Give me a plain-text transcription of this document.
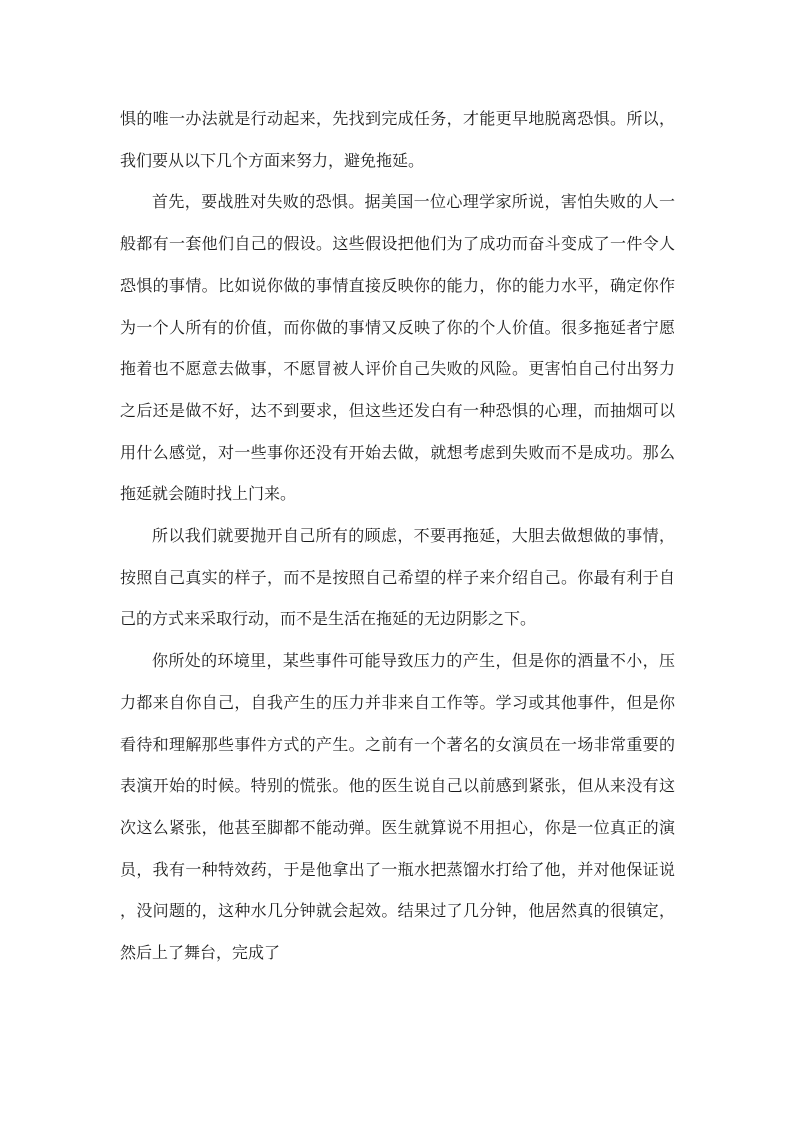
惧的唯一办法就是行动起来，先找到完成任务，才能更早地脱离恐惧。所以，我们要从以下几个方面来努力，避免拖延。

首先，要战胜对失败的恐惧。据美国一位心理学家所说，害怕失败的人一般都有一套他们自己的假设。这些假设把他们为了成功而奋斗变成了一件令人恐惧的事情。比如说你做的事情直接反映你的能力，你的能力水平，确定你作为一个人所有的价值，而你做的事情又反映了你的个人价值。很多拖延者宁愿拖着也不愿意去做事，不愿冒被人评价自己失败的风险。更害怕自己付出努力之后还是做不好，达不到要求，但这些还发白有一种恐惧的心理，而抽烟可以用什么感觉，对一些事你还没有开始去做，就想考虑到失败而不是成功。那么拖延就会随时找上门来。

所以我们就要抛开自己所有的顾虑，不要再拖延，大胆去做想做的事情，按照自己真实的样子，而不是按照自己希望的样子来介绍自己。你最有利于自己的方式来采取行动，而不是生活在拖延的无边阴影之下。

你所处的环境里，某些事件可能导致压力的产生，但是你的酒量不小，压力都来自你自己，自我产生的压力并非来自工作等。学习或其他事件，但是你看待和理解那些事件方式的产生。之前有一个著名的女演员在一场非常重要的表演开始的时候。特别的慌张。他的医生说自己以前感到紧张，但从来没有这次这么紧张，他甚至脚都不能动弹。医生就算说不用担心，你是一位真正的演员，我有一种特效药，于是他拿出了一瓶水把蒸馏水打给了他，并对他保证说，没问题的，这种水几分钟就会起效。结果过了几分钟，他居然真的很镇定，然后上了舞台，完成了
